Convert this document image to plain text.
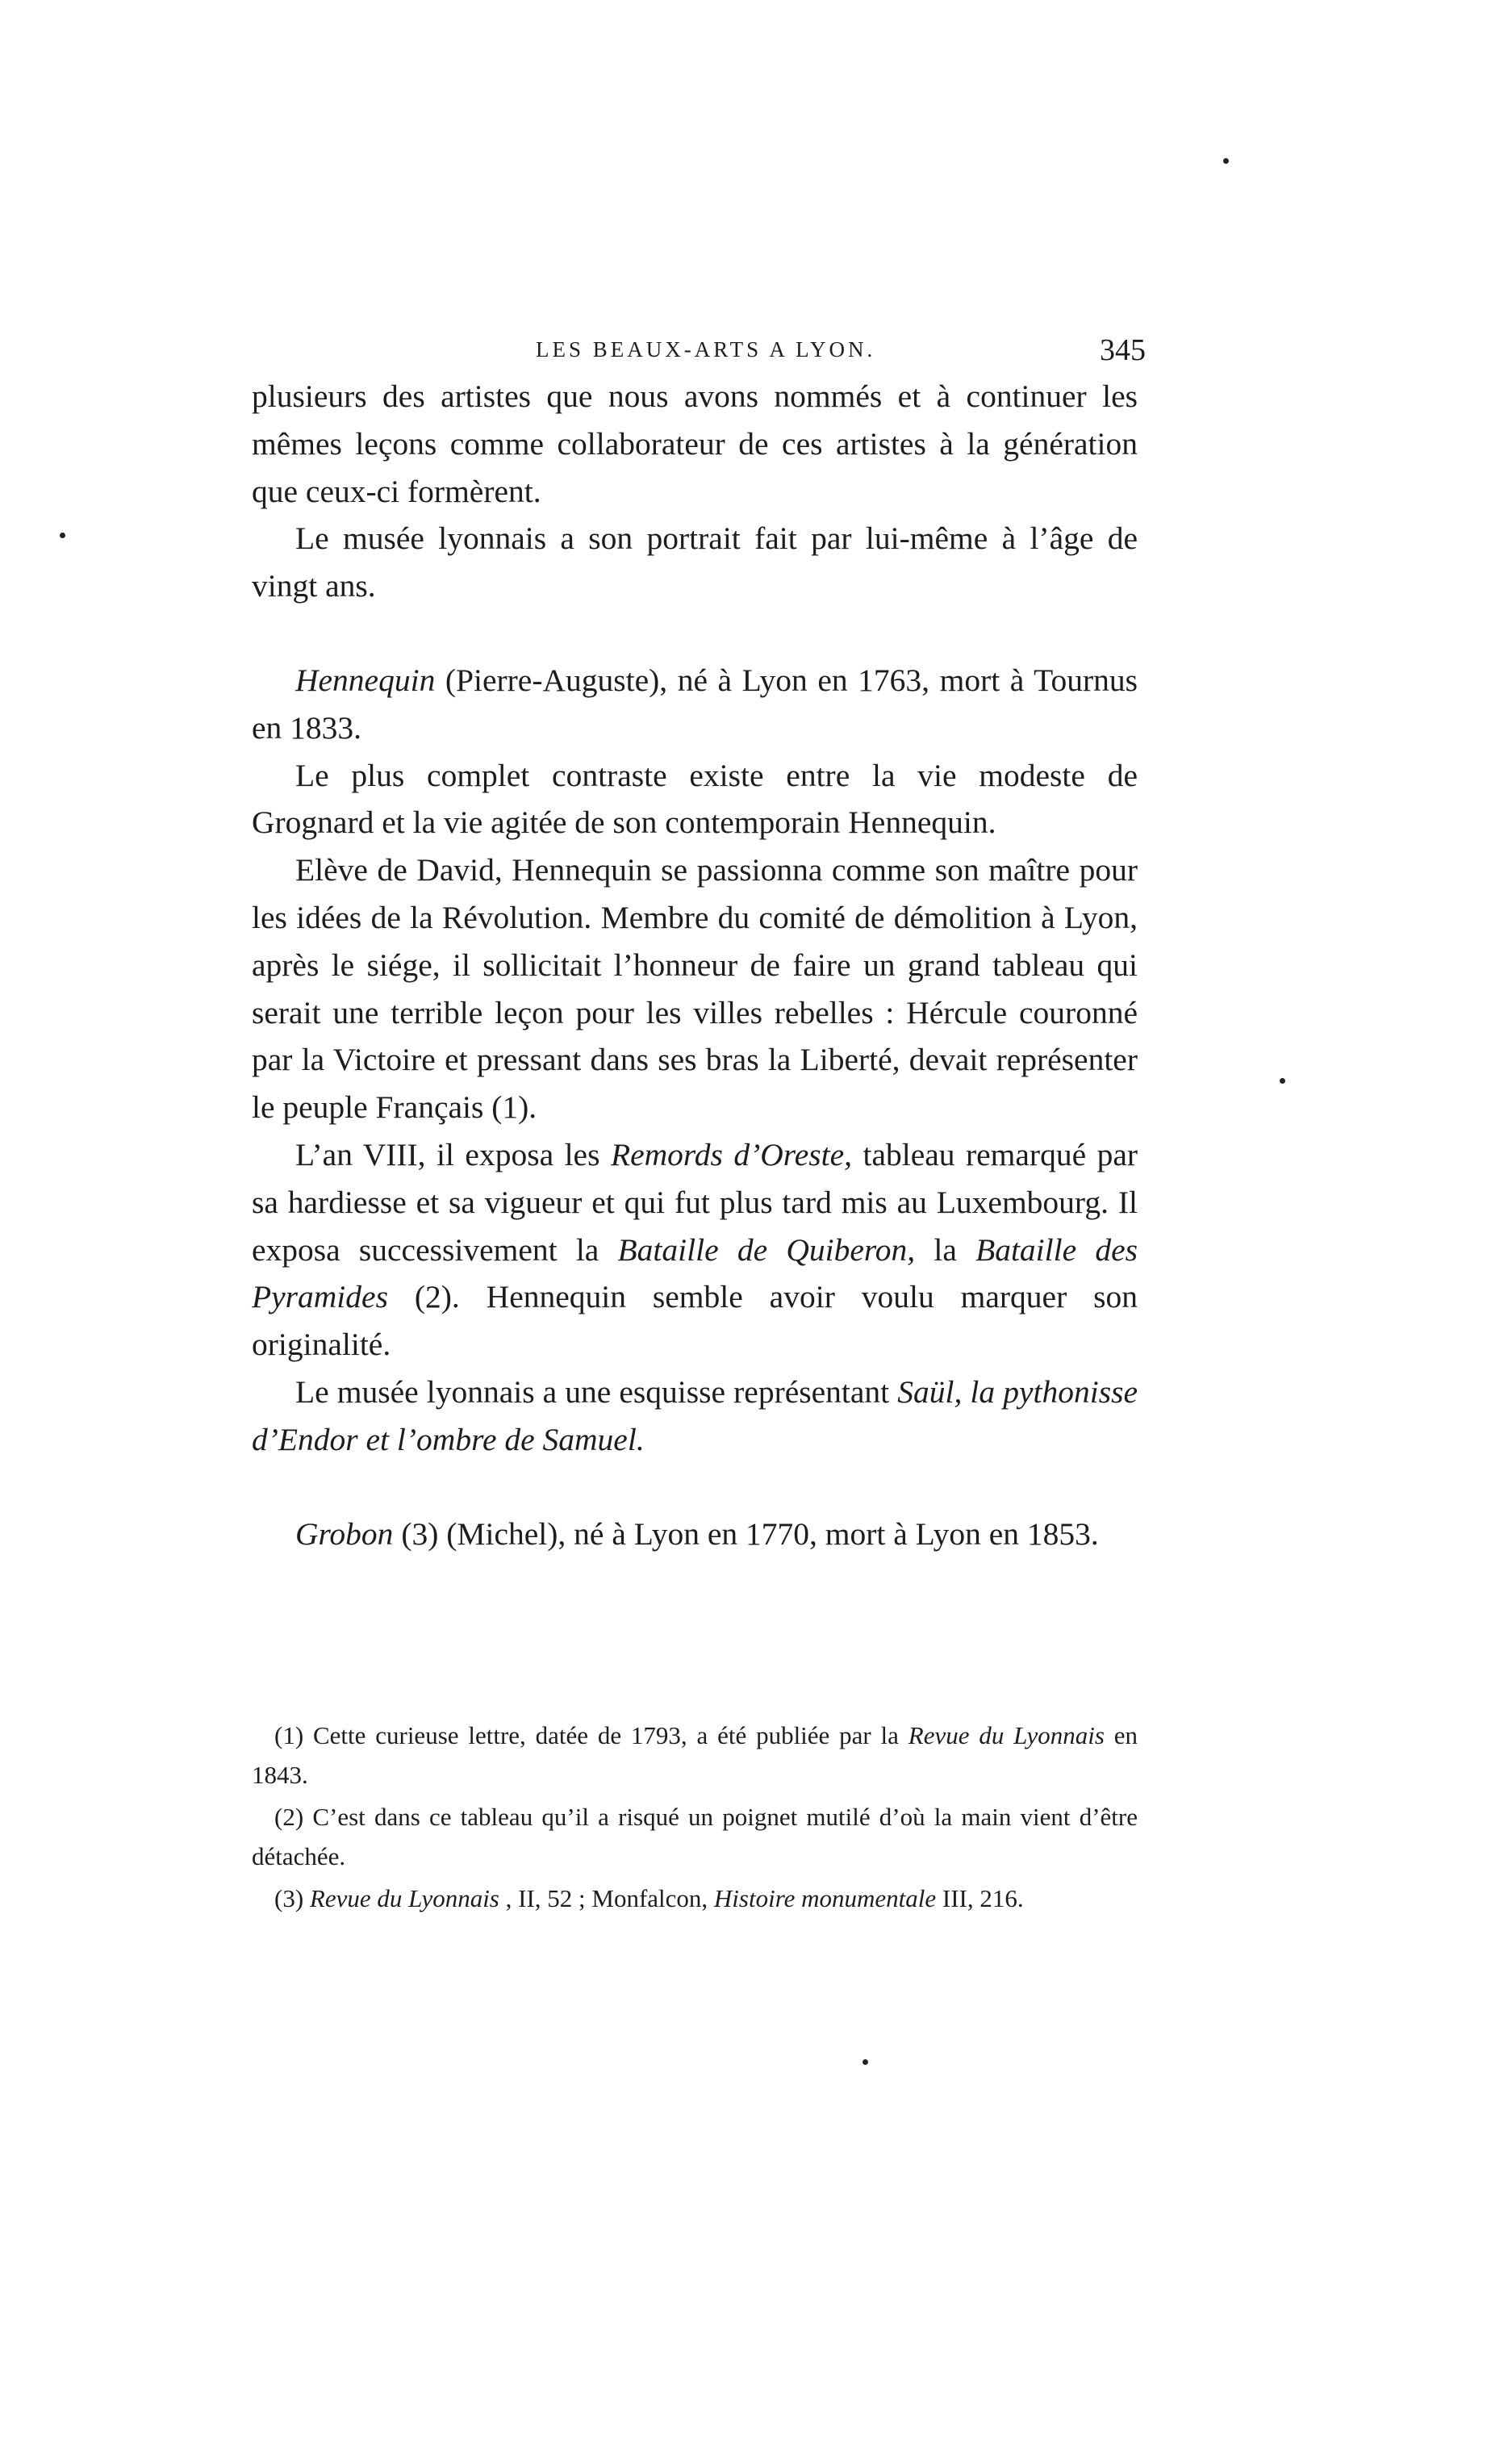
LES BEAUX-ARTS A LYON.	345

plusieurs des artistes que nous avons nommés et à continuer les mêmes leçons comme collaborateur de ces artistes à la génération que ceux-ci formèrent.

Le musée lyonnais a son portrait fait par lui-même à l’âge de vingt ans.

Hennequin (Pierre-Auguste), né à Lyon en 1763, mort à Tournus en 1833.

Le plus complet contraste existe entre la vie modeste de Grognard et la vie agitée de son contemporain Hennequin.

Elève de David, Hennequin se passionna comme son maître pour les idées de la Révolution. Membre du comité de démolition à Lyon, après le siége, il sollicitait l’honneur de faire un grand tableau qui serait une terrible leçon pour les villes rebelles : Hércule couronné par la Victoire et pressant dans ses bras la Liberté, devait représenter le peuple Français (1).

L’an VIII, il exposa les Remords d’Oreste, tableau remarqué par sa hardiesse et sa vigueur et qui fut plus tard mis au Luxembourg. Il exposa successivement la Bataille de Quiberon, la Bataille des Pyramides (2). Hennequin semble avoir voulu marquer son originalité.

Le musée lyonnais a une esquisse représentant Saül, la pythonisse d’Endor et l’ombre de Samuel.

Grobon (3) (Michel), né à Lyon en 1770, mort à Lyon en 1853.

(1) Cette curieuse lettre, datée de 1793, a été publiée par la Revue du Lyonnais en 1843.

(2) C’est dans ce tableau qu’il a risqué un poignet mutilé d’où la main vient d’être détachée.

(3) Revue du Lyonnais , II, 52 ; Monfalcon, Histoire monumentale III, 216.
